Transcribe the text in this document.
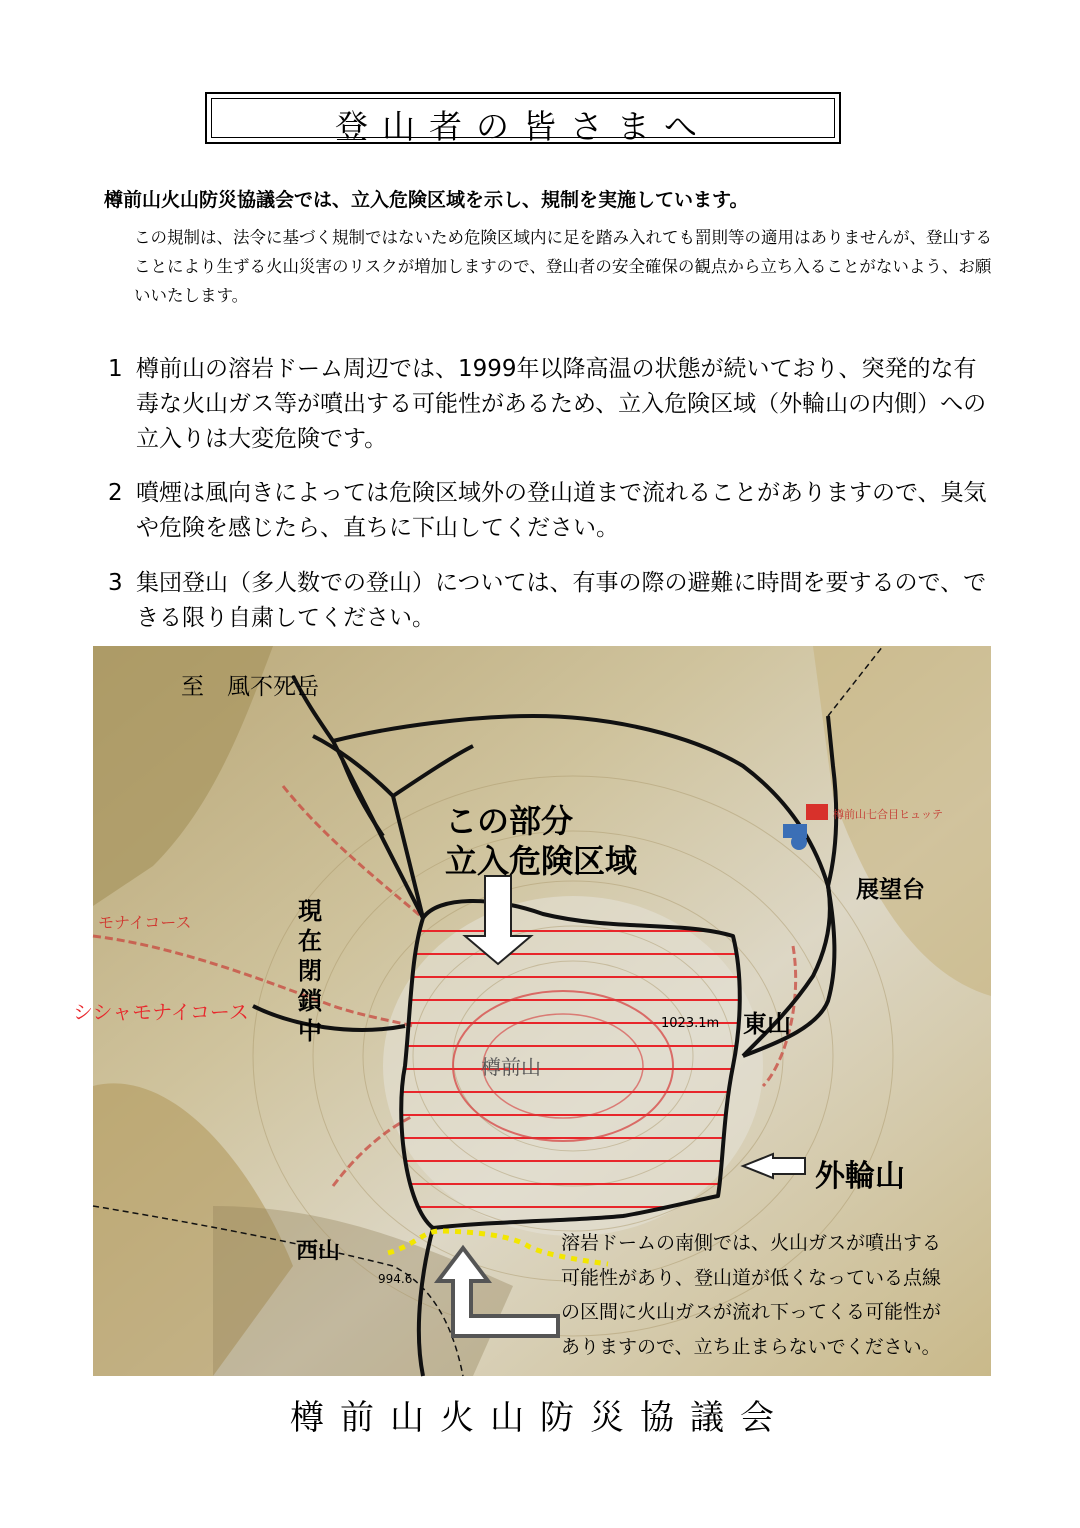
登山者の皆さまへ
樽前山火山防災協議会では、立入危険区域を示し、規制を実施しています。
この規制は、法令に基づく規制ではないため危険区域内に足を踏み入れても罰則等の適用はありませんが、登山することにより生ずる火山災害のリスクが増加しますので、登山者の安全確保の観点から立ち入ることがないよう、お願いいたします。
1 樽前山の溶岩ドーム周辺では、1999年以降高温の状態が続いており、突発的な有毒な火山ガス等が噴出する可能性があるため、立入危険区域（外輪山の内側）への立入りは大変危険です。
2 噴煙は風向きによっては危険区域外の登山道まで流れることがありますので、臭気や危険を感じたら、直ちに下山してください。
3 集団登山（多人数での登山）については、有事の際の避難に時間を要するので、できる限り自粛してください。
至　風不死岳
この部分
立入危険区域
現
在
閉
鎖
中
シシャモナイコース
モナイコース
展望台
東山
外輪山
西山
1023.1m
994.6
樽前山七合目ヒュッテ
樽前山
溶岩ドームの南側では、火山ガスが噴出する
可能性があり、登山道が低くなっている点線
の区間に火山ガスが流れ下ってくる可能性が
ありますので、立ち止まらないでください。
樽前山火山防災協議会
